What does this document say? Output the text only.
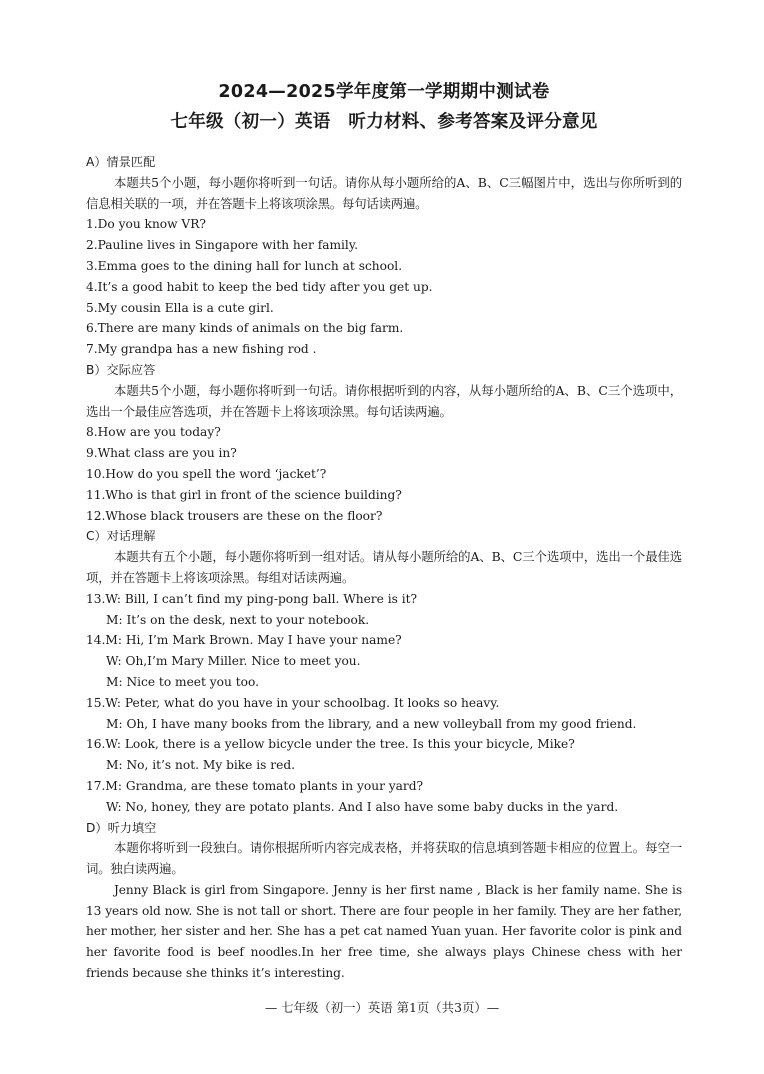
2024—2025学年度第一学期期中测试卷
七年级（初一）英语　听力材料、参考答案及评分意见

A）情景匹配

本题共5个小题，每小题你将听到一句话。请你从每小题所给的A、B、C三幅图片中，选出与你所听到的信息相关联的一项，并在答题卡上将该项涂黑。每句话读两遍。

1.Do you know VR?

2.Pauline lives in Singapore with her family.

3.Emma goes to the dining hall for lunch at school.

4.It’s a good habit to keep the bed tidy after you get up.

5.My cousin Ella is a cute girl.

6.There are many kinds of animals on the big farm.

7.My grandpa has a new fishing rod .

B）交际应答

本题共5个小题，每小题你将听到一句话。请你根据听到的内容，从每小题所给的A、B、C三个选项中，选出一个最佳应答选项，并在答题卡上将该项涂黑。每句话读两遍。

8.How are you today?

9.What class are you in?

10.How do you spell the word ‘jacket’?

11.Who is that girl in front of the science building?

12.Whose black trousers are these on the floor?

C）对话理解

本题共有五个小题，每小题你将听到一组对话。请从每小题所给的A、B、C三个选项中，选出一个最佳选项，并在答题卡上将该项涂黑。每组对话读两遍。

13.W: Bill, I can’t find my ping-pong ball. Where is it?

M: It’s on the desk, next to your notebook.

14.M: Hi, I’m Mark Brown. May I have your name?

W: Oh,I’m Mary Miller. Nice to meet you.

M: Nice to meet you too.

15.W: Peter, what do you have in your schoolbag. It looks so heavy.

M: Oh, I have many books from the library, and a new volleyball from my good friend.

16.W: Look, there is a yellow bicycle under the tree. Is this your bicycle, Mike?

M: No, it’s not. My bike is red.

17.M: Grandma, are these tomato plants in your yard?

W: No, honey, they are potato plants. And I also have some baby ducks in the yard.

D）听力填空

本题你将听到一段独白。请你根据所听内容完成表格，并将获取的信息填到答题卡相应的位置上。每空一词。独白读两遍。

Jenny Black is girl from Singapore. Jenny is her first name , Black is her family name. She is 13 years old now. She is not tall or short. There are four people in her family. They are her father, her mother, her sister and her. She has a pet cat named Yuan yuan. Her favorite color is pink and her favorite food is beef noodles.In her free time, she always plays Chinese chess with her friends because she thinks it’s interesting.

— 七年级（初一）英语 第1页（共3页）—
